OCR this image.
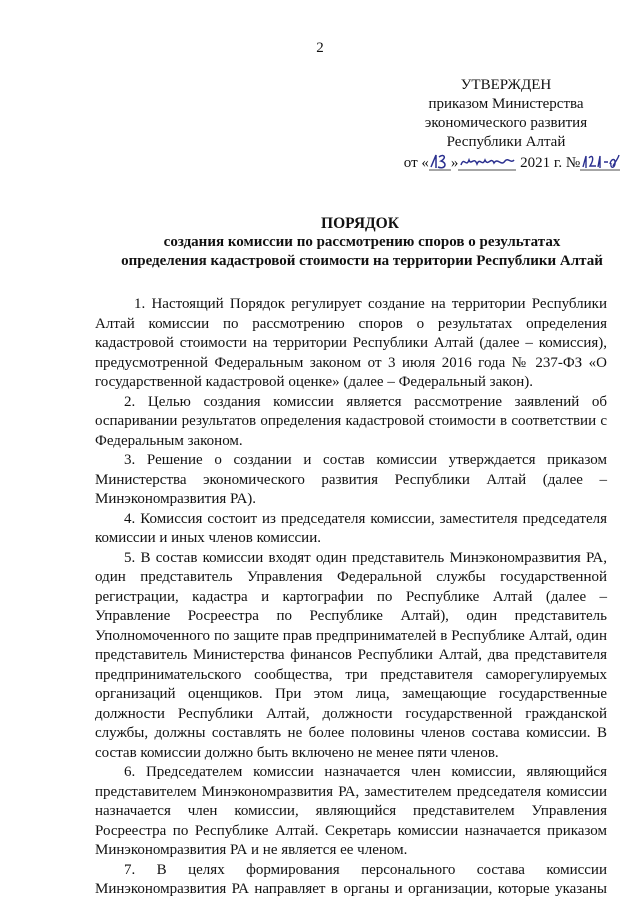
2
УТВЕРЖДЕН
приказом Министерства
экономического развития
Республики Алтай
от « »	2021 г. №
ПОРЯДОК
создания комиссии по рассмотрению споров о результатах определения кадастровой стоимости на территории Республики Алтай

1. Настоящий Порядок регулирует создание на территории Республики Алтай комиссии по рассмотрению споров о результатах определения кадастровой стоимости на территории Республики Алтай (далее – комиссия), предусмотренной Федеральным законом от 3 июля 2016 года № 237-ФЗ «О государственной кадастровой оценке» (далее – Федеральный закон).

2. Целью создания комиссии является рассмотрение заявлений об оспаривании результатов определения кадастровой стоимости в соответствии с Федеральным законом.

3. Решение о создании и состав комиссии утверждается приказом Министерства экономического развития Республики Алтай (далее – Минэкономразвития РА).

4. Комиссия состоит из председателя комиссии, заместителя председателя комиссии и иных членов комиссии.

5. В состав комиссии входят один представитель Минэкономразвития РА, один представитель Управления Федеральной службы государственной регистрации, кадастра и картографии по Республике Алтай (далее – Управление Росреестра по Республике Алтай), один представитель Уполномоченного по защите прав предпринимателей в Республике Алтай, один представитель Министерства финансов Республики Алтай, два представителя предпринимательского сообщества, три представителя саморегулируемых организаций оценщиков. При этом лица, замещающие государственные должности Республики Алтай, должности государственной гражданской службы, должны составлять не более половины членов состава комиссии. В состав комиссии должно быть включено не менее пяти членов.

6. Председателем комиссии назначается член комиссии, являющийся представителем Минэкономразвития РА, заместителем председателя комиссии назначается член комиссии, являющийся представителем Управления Росреестра по Республике Алтай. Секретарь комиссии назначается приказом Минэкономразвития РА и не является ее членом.

7. В целях формирования персонального состава комиссии Минэкономразвития РА направляет в органы и организации, которые указаны
